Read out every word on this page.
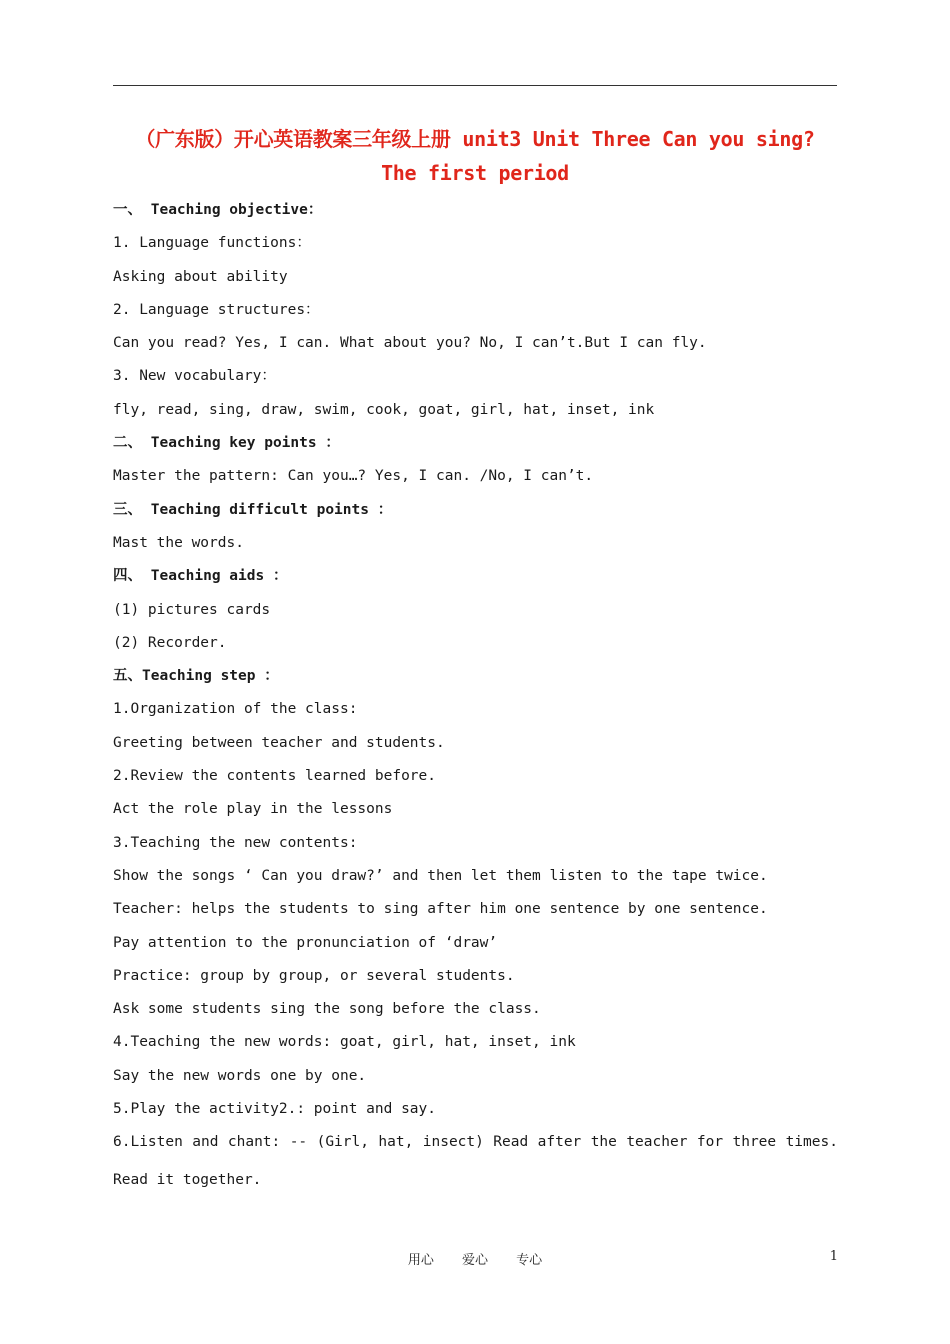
（广东版）开心英语教案三年级上册 unit3 Unit Three Can you sing?
The first period
一、 Teaching objective：
1. Language functions：
Asking about ability
2. Language structures：
Can you read? Yes, I can. What about you? No, I can’t.But I can fly.
3. New vocabulary：
fly, read, sing, draw, swim, cook, goat, girl, hat, inset, ink
二、 Teaching key points ：
Master the pattern: Can you…? Yes, I can. /No, I can’t.
三、 Teaching difficult points ：
Mast the words.
四、 Teaching aids ：
(1) pictures cards
(2) Recorder.
五、Teaching step ：
1.Organization of the class:
Greeting between teacher and students.
2.Review the contents learned before.
Act the role play in the lessons
3.Teaching the new contents:
Show the songs ‘ Can you draw?’ and then let them listen to the tape twice.
Teacher: helps the students to sing after him one sentence by one sentence.
Pay attention to the pronunciation of ‘draw’
Practice: group by group, or several students.
Ask some students sing the song before the class.
4.Teaching the new words: goat, girl, hat, inset, ink
Say the new words one by one.
5.Play the activity2.: point and say.
6.Listen and chant: -- (Girl, hat, insect) Read after the teacher for three times.
Read it together.
用心 爱心 专心	1
